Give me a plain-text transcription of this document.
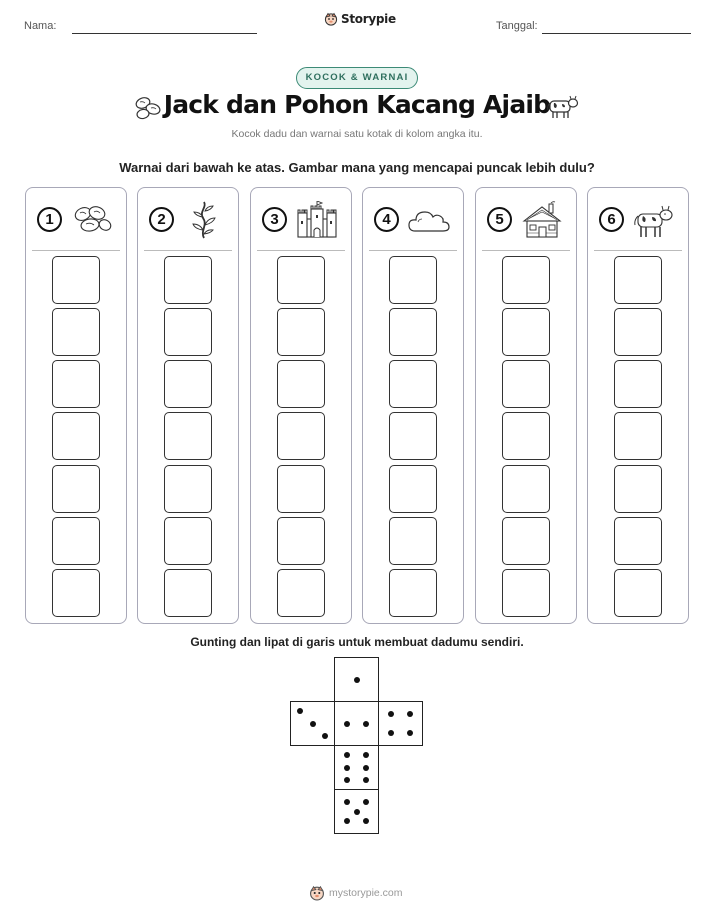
Nama:	Storypie	Tanggal:
KOCOK & WARNAI
Jack dan Pohon Kacang Ajaib
Kocok dadu dan warnai satu kotak di kolom angka itu.
Warnai dari bawah ke atas. Gambar mana yang mencapai puncak lebih dulu?
1	2	3	4	5	6
Gunting dan lipat di garis untuk membuat dadumu sendiri.
mystorypie.com
